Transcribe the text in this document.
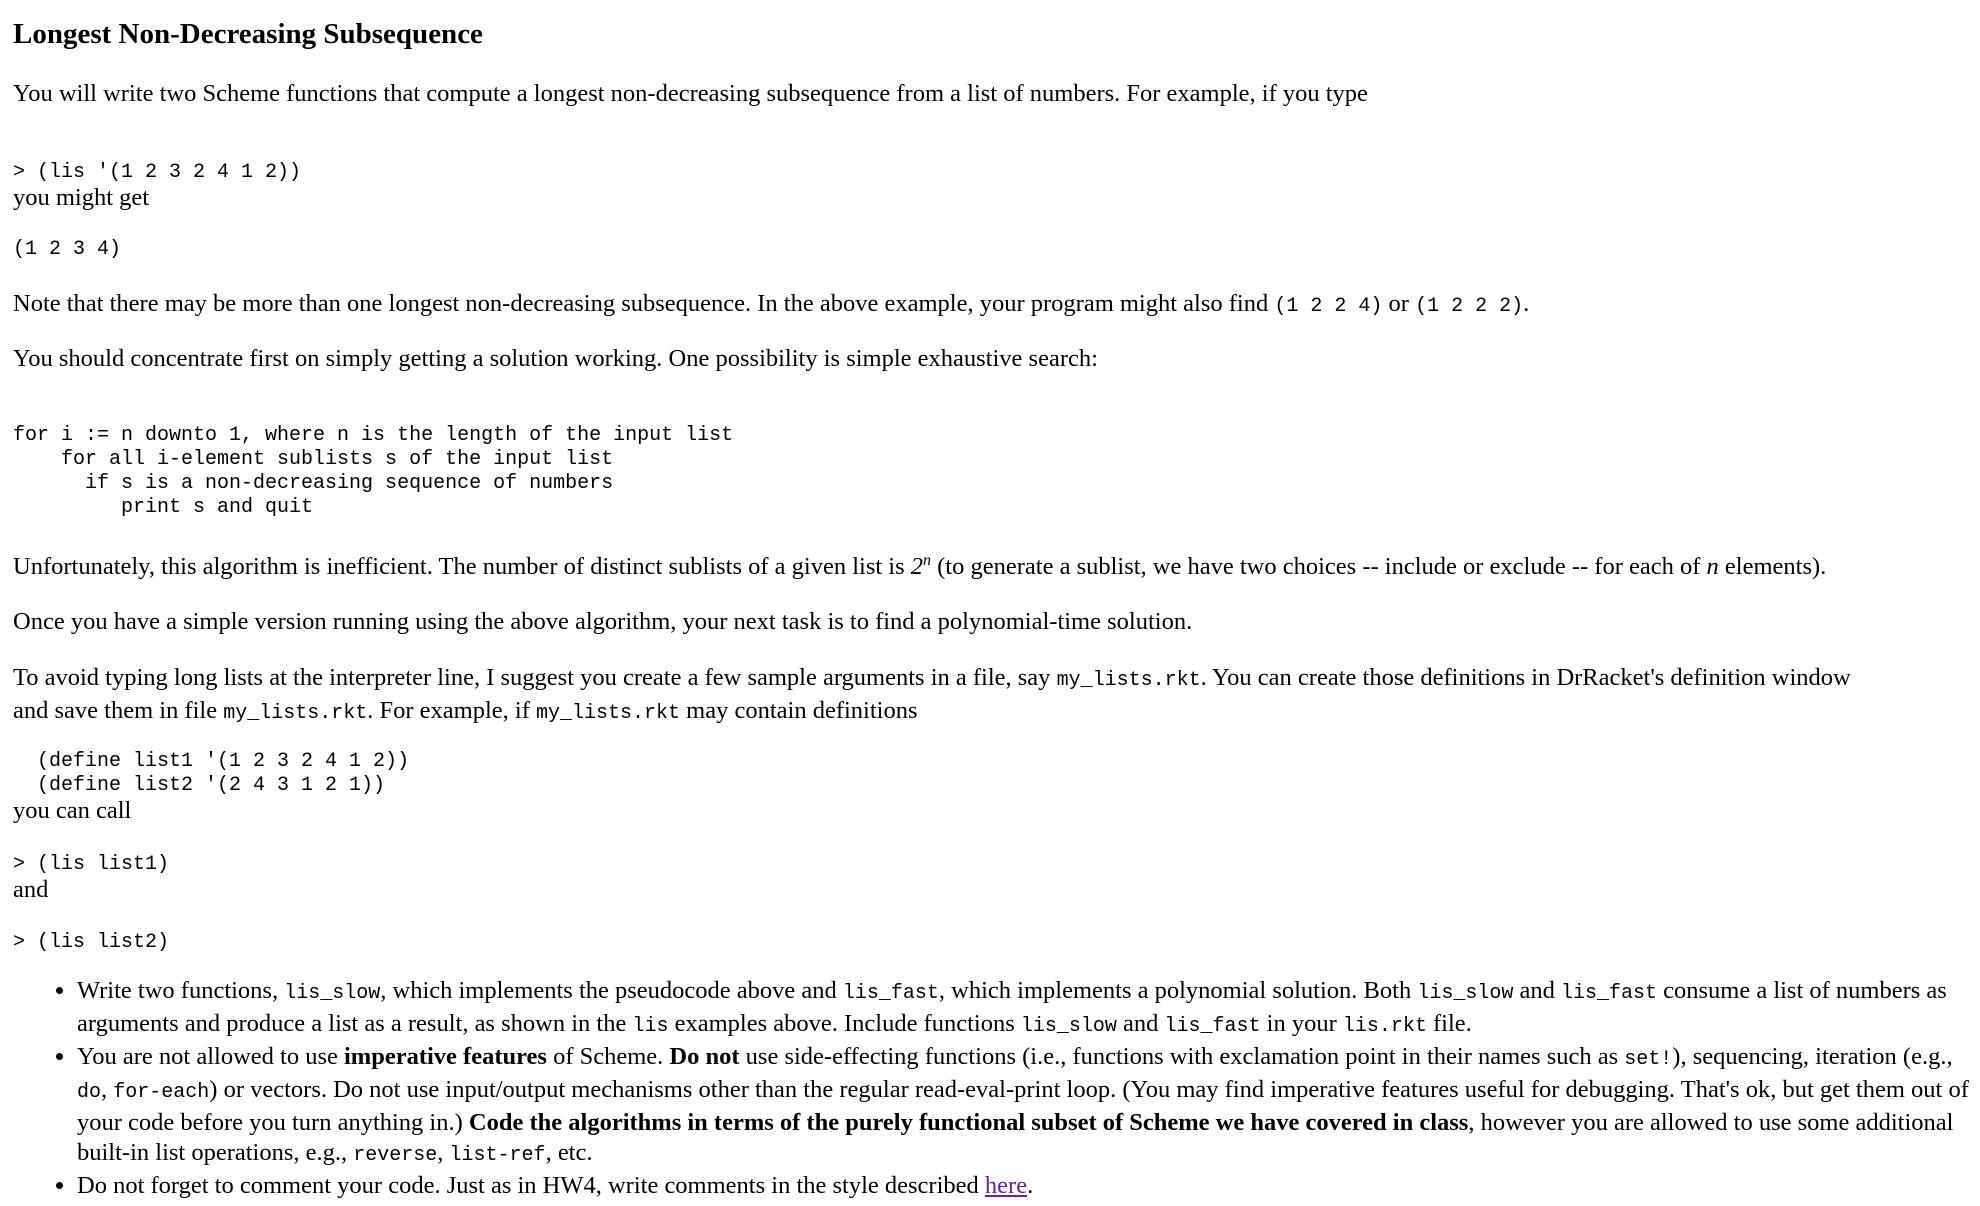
Longest Non-Decreasing Subsequence
You will write two Scheme functions that compute a longest non-decreasing subsequence from a list of numbers. For example, if you type
> (lis '(1 2 3 2 4 1 2))
you might get
(1 2 3 4)
Note that there may be more than one longest non-decreasing subsequence. In the above example, your program might also find (1 2 2 4) or (1 2 2 2).
You should concentrate first on simply getting a solution working. One possibility is simple exhaustive search:
for i := n downto 1, where n is the length of the input list
for all i-element sublists s of the input list
if s is a non-decreasing sequence of numbers
print s and quit
Unfortunately, this algorithm is inefficient. The number of distinct sublists of a given list is 2$^n$ (to generate a sublist, we have two choices -- include or exclude -- for each of n elements).
Once you have a simple version running using the above algorithm, your next task is to find a polynomial-time solution.
To avoid typing long lists at the interpreter line, I suggest you create a few sample arguments in a file, say my_lists.rkt. You can create those definitions in DrRacket's definition window
and save them in file my_lists.rkt. For example, if my_lists.rkt may contain definitions
(define list1 '(1 2 3 2 4 1 2))
(define list2 '(2 4 3 1 2 1))
you can call
> (lis list1)
and
> (lis list2)
• Write two functions, lis_slow, which implements the pseudocode above and lis_fast, which implements a polynomial solution. Both lis_slow and lis_fast consume a list of numbers as arguments and produce a list as a result, as shown in the lis examples above. Include functions lis_slow and lis_fast in your lis.rkt file.
• You are not allowed to use imperative features of Scheme. Do not use side-effecting functions (i.e., functions with exclamation point in their names such as set!), sequencing, iteration (e.g., do, for-each) or vectors. Do not use input/output mechanisms other than the regular read-eval-print loop. (You may find imperative features useful for debugging. That's ok, but get them out of your code before you turn anything in.) Code the algorithms in terms of the purely functional subset of Scheme we have covered in class, however you are allowed to use some additional built-in list operations, e.g., reverse, list-ref, etc.
• Do not forget to comment your code. Just as in HW4, write comments in the style described here.
